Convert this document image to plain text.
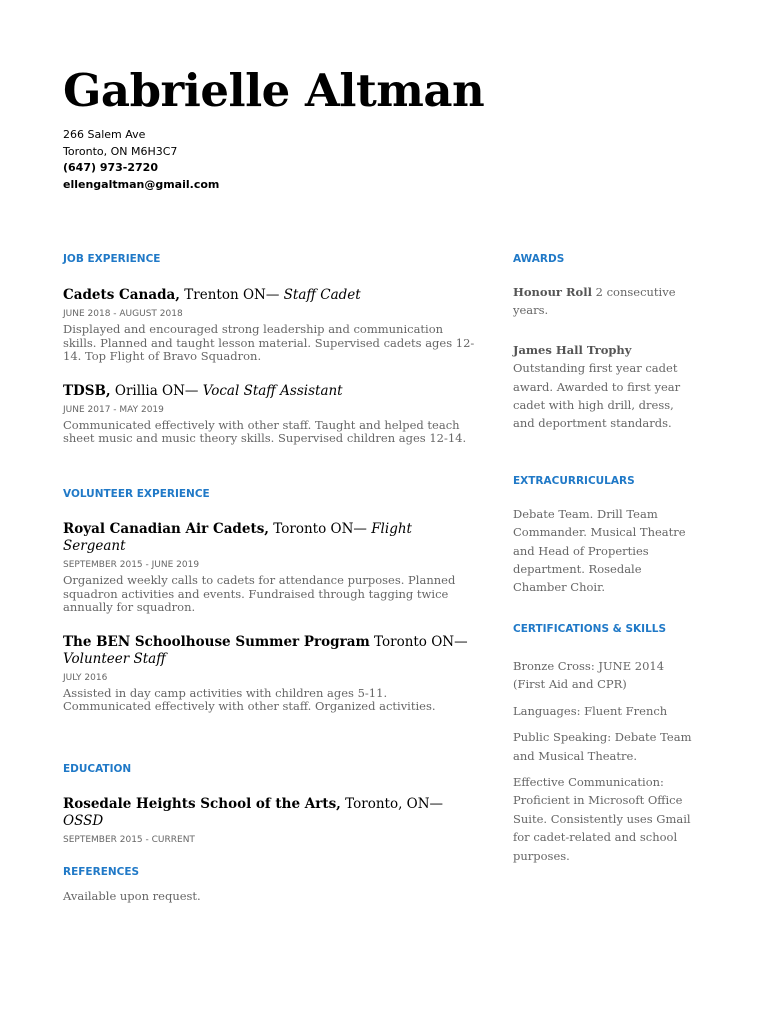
Gabrielle Altman
266 Salem Ave
Toronto, ON M6H3C7
(647) 973-2720
ellengaltman@gmail.com

JOB EXPERIENCE

Cadets Canada, Trenton ON— Staff Cadet

JUNE 2018 - AUGUST 2018

Displayed and encouraged strong leadership and communication skills. Planned and taught lesson material. Supervised cadets ages 12-14. Top Flight of Bravo Squadron.

TDSB, Orillia ON— Vocal Staff Assistant

JUNE 2017 - MAY 2019

Communicated effectively with other staff. Taught and helped teach sheet music and music theory skills. Supervised children ages 12-14.

VOLUNTEER EXPERIENCE

Royal Canadian Air Cadets, Toronto ON— Flight Sergeant

SEPTEMBER 2015 - JUNE 2019

Organized weekly calls to cadets for attendance purposes. Planned squadron activities and events. Fundraised through tagging twice annually for squadron.

The BEN Schoolhouse Summer Program Toronto ON— Volunteer Staff

JULY 2016

Assisted in day camp activities with children ages 5-11. Communicated effectively with other staff. Organized activities.

EDUCATION

Rosedale Heights School of the Arts, Toronto, ON— OSSD

SEPTEMBER 2015 - CURRENT

REFERENCES

Available upon request.

AWARDS

Honour Roll 2 consecutive years.

James Hall Trophy
Outstanding first year cadet award. Awarded to first year cadet with high drill, dress, and deportment standards.

EXTRACURRICULARS

Debate Team. Drill Team Commander. Musical Theatre and Head of Properties department. Rosedale Chamber Choir.

CERTIFICATIONS & SKILLS

Bronze Cross: JUNE 2014 (First Aid and CPR)

Languages: Fluent French

Public Speaking: Debate Team and Musical Theatre.

Effective Communication: Proficient in Microsoft Office Suite. Consistently uses Gmail for cadet-related and school purposes.
